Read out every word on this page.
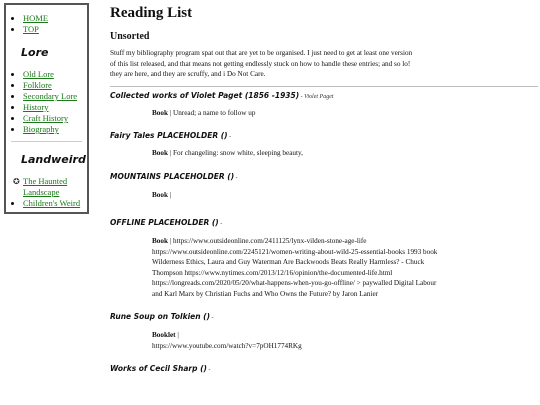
• HOME
• TOP
Lore
• Old Lore
• Folklore
• Secondary Lore
• History
• Craft History
• Biography
Landweird
✪ The Haunted Landscape
• Children's Weird
Reading List
Unsorted

Stuff my bibliography program spat out that are yet to be organised. I just need to get at least one version
of this list released, and that means not getting endlessly stuck on how to handle these entries; and so lo!
they are here, and they are scruffy, and i Do Not Care.

Collected works of Violet Paget (1856 -1935) - Violet Paget

Book | Unread; a name to follow up

Fairy Tales PLACEHOLDER () -

Book | For changeling: snow white, sleeping beauty,

MOUNTAINS PLACEHOLDER () -

Book |

OFFLINE PLACEHOLDER () -

Book | https://www.outsideonline.com/2411125/lynx-vilden-stone-age-life
https://www.outsideonline.com/2245121/women-writing-about-wild-25-essential-books 1993 book
Wilderness Ethics, Laura and Guy Waterman Are Backwoods Beats Really Harmless? - Chuck
Thompson https://www.nytimes.com/2013/12/16/opinion/the-documented-life.html
https://longreads.com/2020/05/20/what-happens-when-you-go-offline/ > paywalled Digital Labour
and Karl Marx by Christian Fuchs and Who Owns the Future? by Jaron Lanier

Rune Soup on Tolkien () -

Booklet |
https://www.youtube.com/watch?v=7pOH1774RKg

Works of Cecil Sharp () -
